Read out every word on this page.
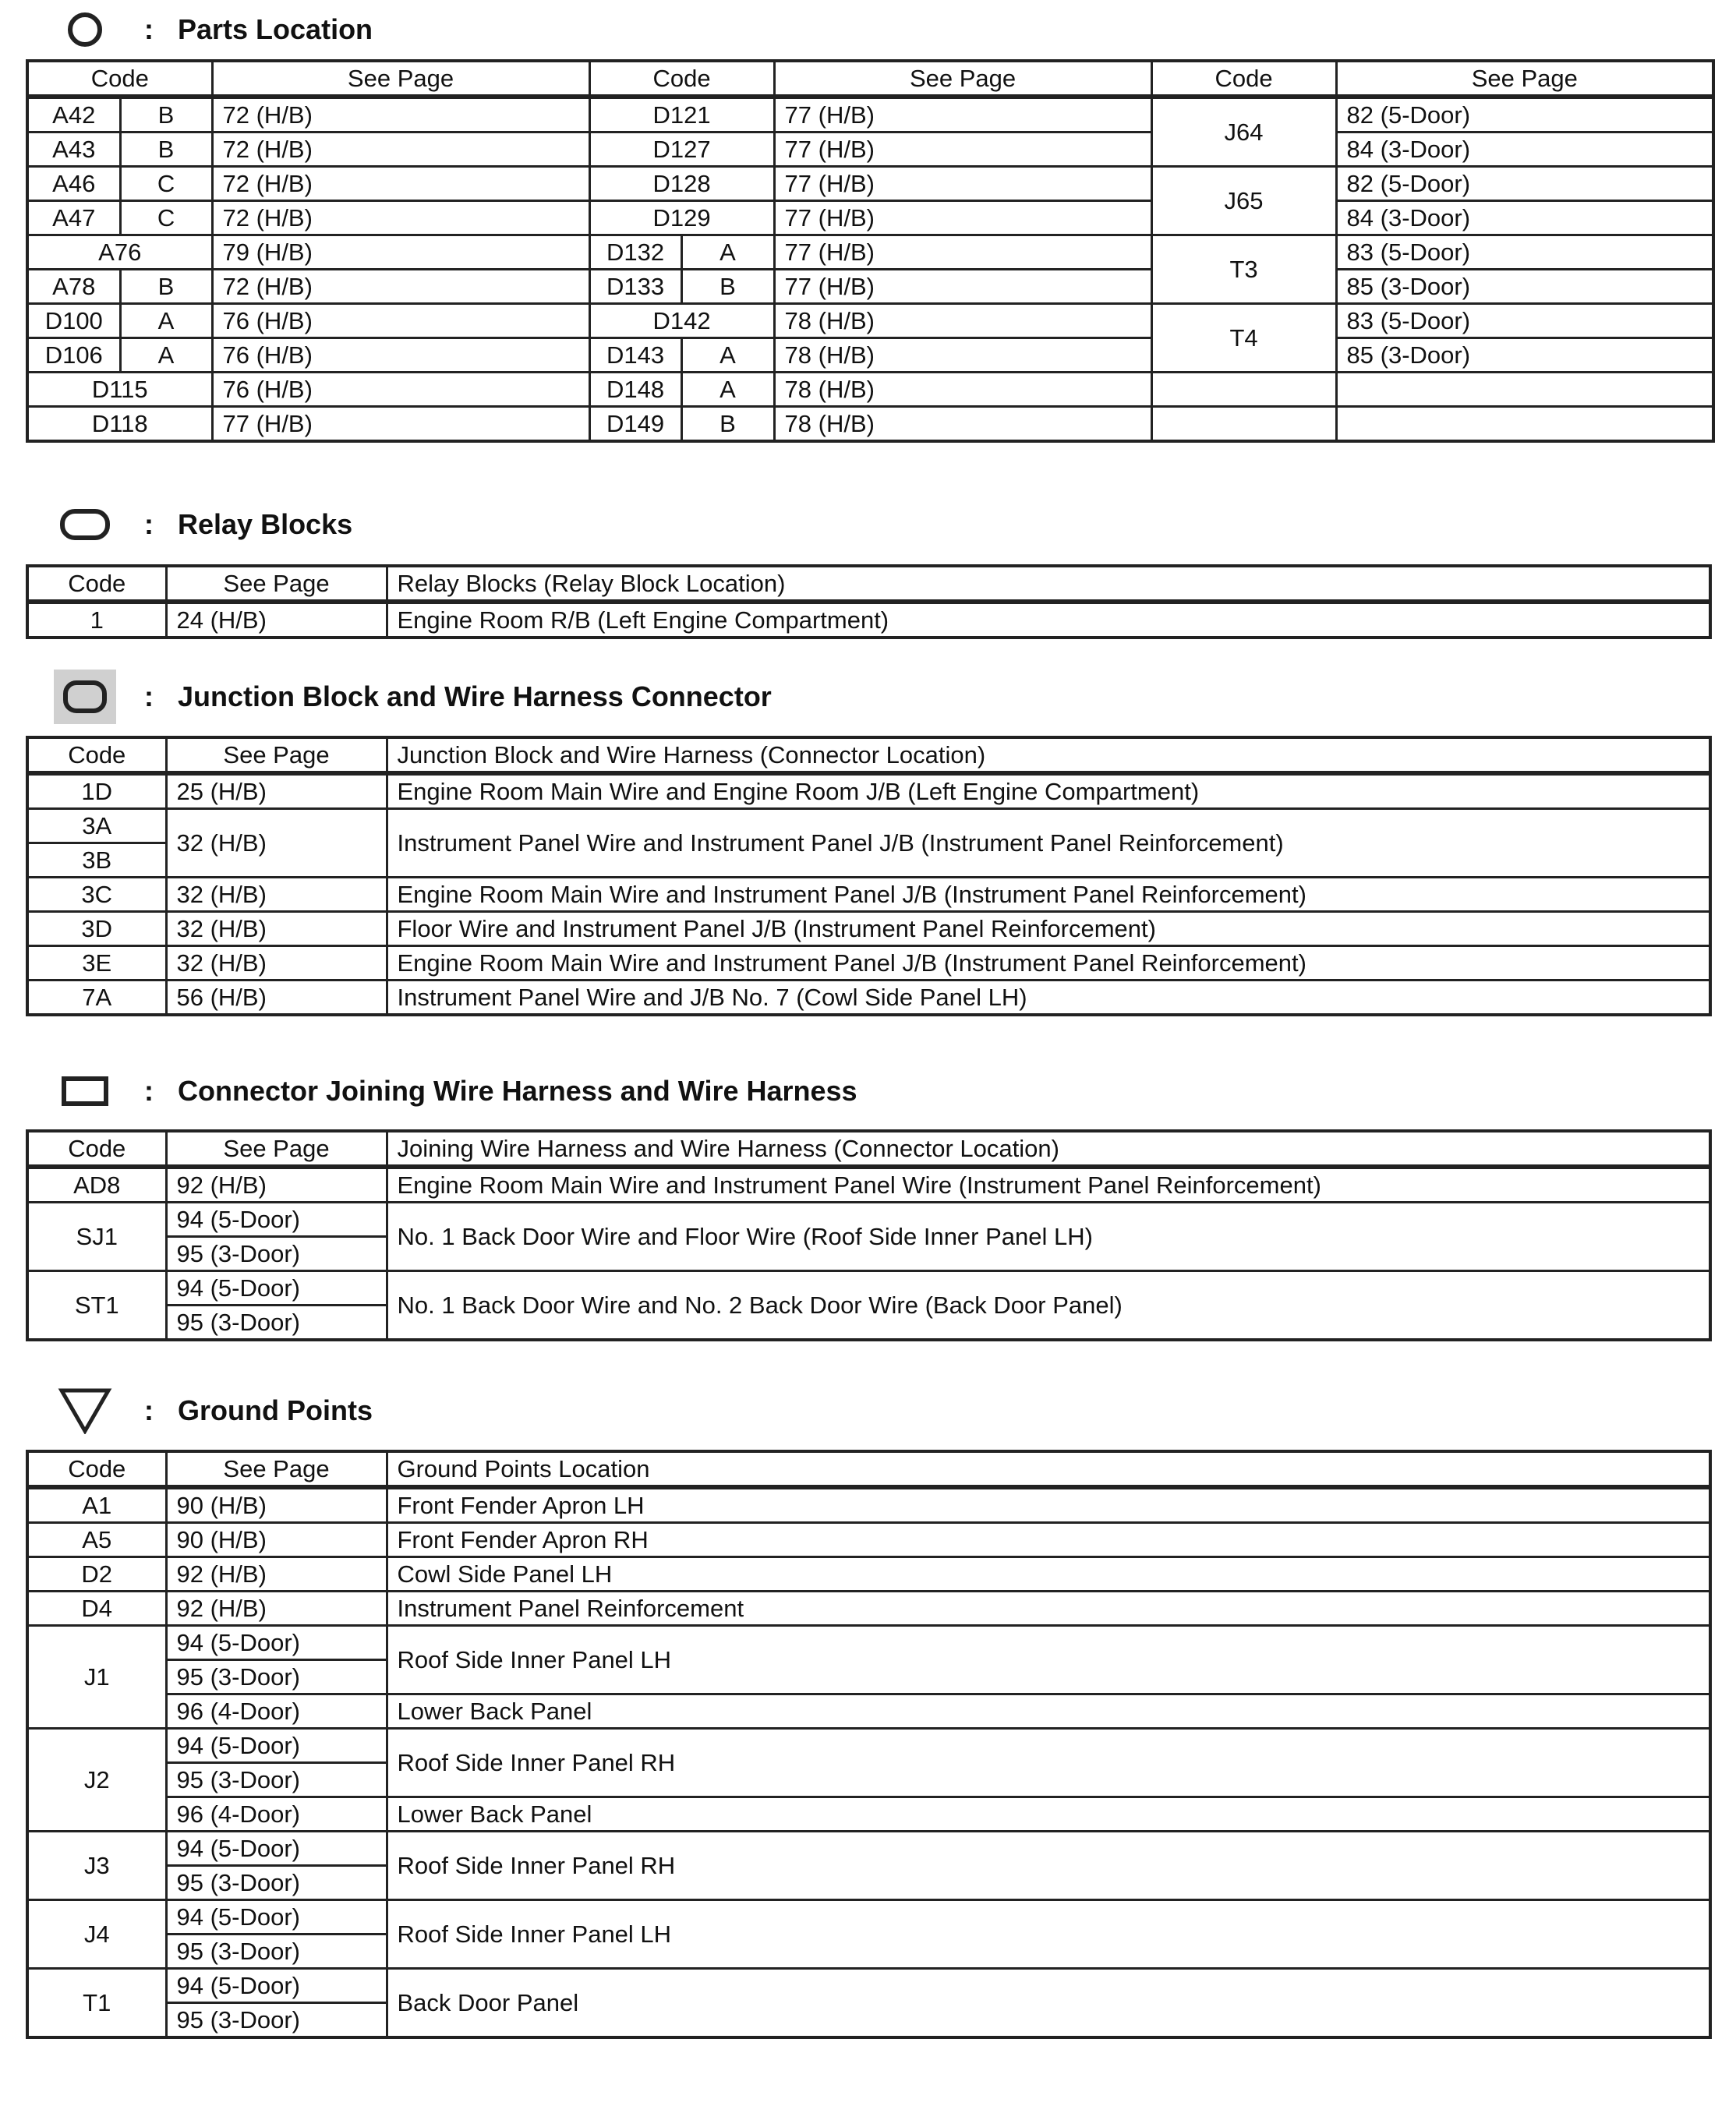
: Parts Location
Code		See Page	Code		See Page	Code	See Page
A42	B	72 (H/B)	D121		77 (H/B)	J64	82 (5-Door)
A43	B	72 (H/B)	D127		77 (H/B)		84 (3-Door)
A46	C	72 (H/B)	D128		77 (H/B)	J65	82 (5-Door)
A47	C	72 (H/B)	D129		77 (H/B)		84 (3-Door)
A76		79 (H/B)	D132	A	77 (H/B)	T3	83 (5-Door)
A78	B	72 (H/B)	D133	B	77 (H/B)		85 (3-Door)
D100	A	76 (H/B)	D142		78 (H/B)	T4	83 (5-Door)
D106	A	76 (H/B)	D143	A	78 (H/B)		85 (3-Door)
D115		76 (H/B)	D148	A	78 (H/B)		
D118		77 (H/B)	D149	B	78 (H/B)		
: Relay Blocks
Code	See Page	Relay Blocks (Relay Block Location)
1	24 (H/B)	Engine Room R/B (Left Engine Compartment)
: Junction Block and Wire Harness Connector
Code	See Page	Junction Block and Wire Harness (Connector Location)
1D	25 (H/B)	Engine Room Main Wire and Engine Room J/B (Left Engine Compartment)
3A	32 (H/B)	Instrument Panel Wire and Instrument Panel J/B (Instrument Panel Reinforcement)
3B		
3C	32 (H/B)	Engine Room Main Wire and Instrument Panel J/B (Instrument Panel Reinforcement)
3D	32 (H/B)	Floor Wire and Instrument Panel J/B (Instrument Panel Reinforcement)
3E	32 (H/B)	Engine Room Main Wire and Instrument Panel J/B (Instrument Panel Reinforcement)
7A	56 (H/B)	Instrument Panel Wire and J/B No. 7 (Cowl Side Panel LH)
: Connector Joining Wire Harness and Wire Harness
Code	See Page	Joining Wire Harness and Wire Harness (Connector Location)
AD8	92 (H/B)	Engine Room Main Wire and Instrument Panel Wire (Instrument Panel Reinforcement)
SJ1	94 (5-Door)	No. 1 Back Door Wire and Floor Wire (Roof Side Inner Panel LH)
	95 (3-Door)	
ST1	94 (5-Door)	No. 1 Back Door Wire and No. 2 Back Door Wire (Back Door Panel)
	95 (3-Door)	
: Ground Points
Code	See Page	Ground Points Location
A1	90 (H/B)	Front Fender Apron LH
A5	90 (H/B)	Front Fender Apron RH
D2	92 (H/B)	Cowl Side Panel LH
D4	92 (H/B)	Instrument Panel Reinforcement
J1	94 (5-Door)	Roof Side Inner Panel LH
	95 (3-Door)	
	96 (4-Door)	Lower Back Panel
J2	94 (5-Door)	Roof Side Inner Panel RH
	95 (3-Door)	
	96 (4-Door)	Lower Back Panel
J3	94 (5-Door)	Roof Side Inner Panel RH
	95 (3-Door)	
J4	94 (5-Door)	Roof Side Inner Panel LH
	95 (3-Door)	
T1	94 (5-Door)	Back Door Panel
	95 (3-Door)	
